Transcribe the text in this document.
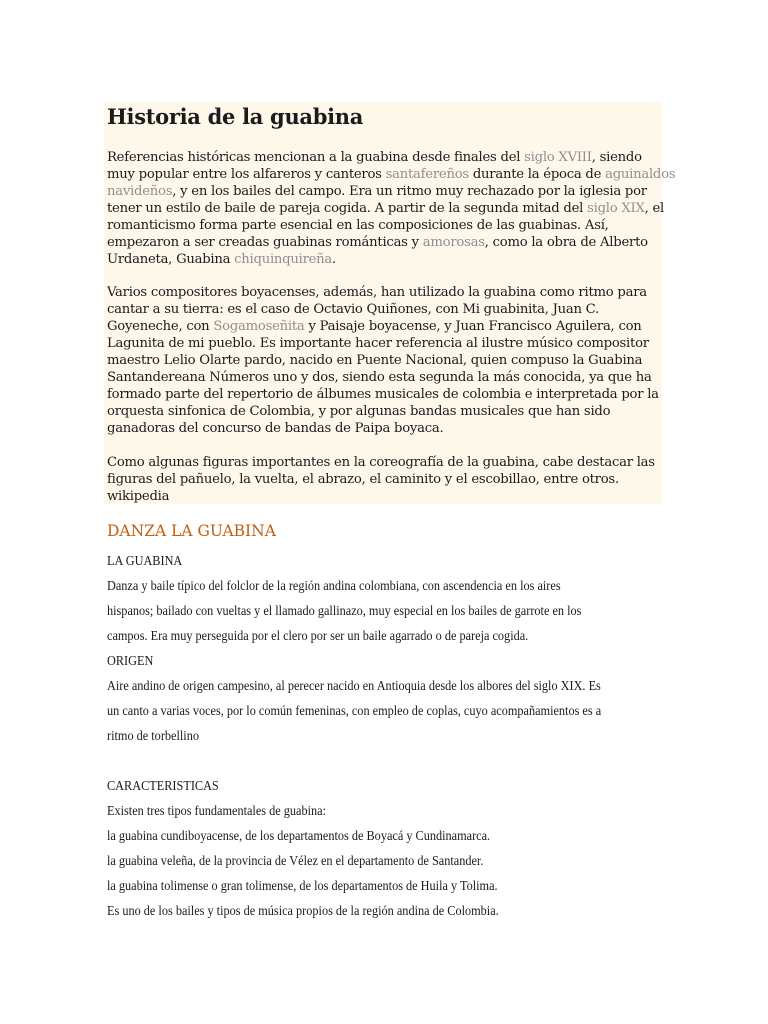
Historia de la guabina
Referencias históricas mencionan a la guabina desde finales del siglo XVIII, siendo
muy popular entre los alfareros y canteros santafereños durante la época de aguinaldos
navideños, y en los bailes del campo. Era un ritmo muy rechazado por la iglesia por
tener un estilo de baile de pareja cogida. A partir de la segunda mitad del siglo XIX, el
romanticismo forma parte esencial en las composiciones de las guabinas. Así,
empezaron a ser creadas guabinas románticas y amorosas, como la obra de Alberto
Urdaneta, Guabina chiquinquireña.
Varios compositores boyacenses, además, han utilizado la guabina como ritmo para
cantar a su tierra: es el caso de Octavio Quiñones, con Mi guabinita, Juan C.
Goyeneche, con Sogamoseñita y Paisaje boyacense, y Juan Francisco Aguilera, con
Lagunita de mi pueblo. Es importante hacer referencia al ilustre músico compositor
maestro Lelio Olarte pardo, nacido en Puente Nacional, quien compuso la Guabina
Santandereana Números uno y dos, siendo esta segunda la más conocida, ya que ha
formado parte del repertorio de álbumes musicales de colombia e interpretada por la
orquesta sinfonica de Colombia, y por algunas bandas musicales que han sido
ganadoras del concurso de bandas de Paipa boyaca.
Como algunas figuras importantes en la coreografía de la guabina, cabe destacar las
figuras del pañuelo, la vuelta, el abrazo, el caminito y el escobillao, entre otros.
wikipedia
DANZA LA GUABINA
LA GUABINA
Danza y baile típico del folclor de la región andina colombiana, con ascendencia en los aires
hispanos; bailado con vueltas y el llamado gallinazo, muy especial en los bailes de garrote en los
campos. Era muy perseguida por el clero por ser un baile agarrado o de pareja cogida.
ORIGEN
Aire andino de origen campesino, al perecer nacido en Antioquia desde los albores del siglo XIX. Es
un canto a varias voces, por lo común femeninas, con empleo de coplas, cuyo acompañamientos es a
ritmo de torbellino
CARACTERISTICAS
Existen tres tipos fundamentales de guabina:
la guabina cundiboyacense, de los departamentos de Boyacá y Cundinamarca.
la guabina veleña, de la provincia de Vélez en el departamento de Santander.
la guabina tolimense o gran tolimense, de los departamentos de Huila y Tolima.
Es uno de los bailes y tipos de música propios de la región andina de Colombia.
